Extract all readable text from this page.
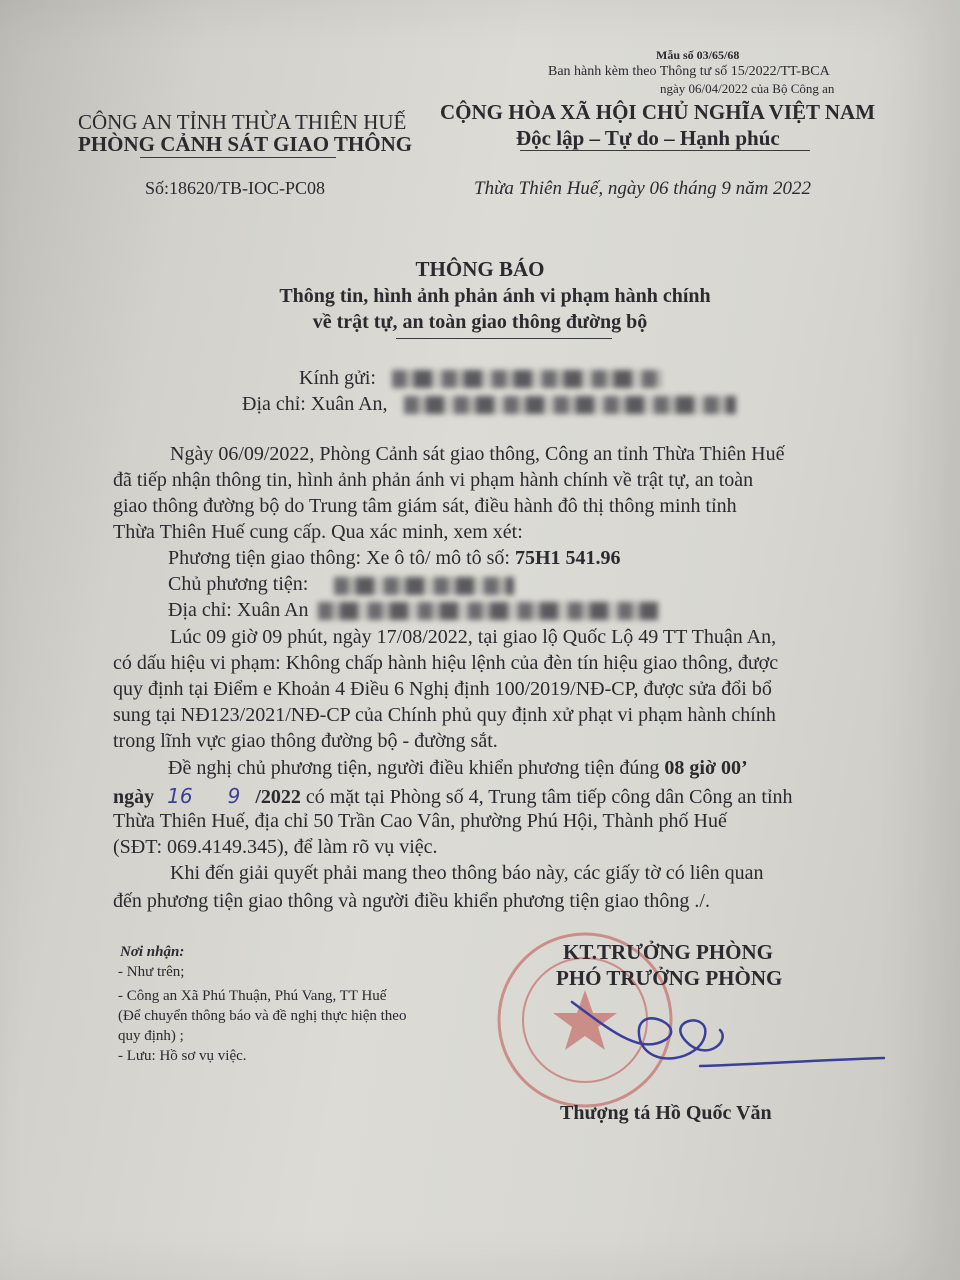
Mẫu số 03/65/68
Ban hành kèm theo Thông tư số 15/2022/TT-BCA
ngày 06/04/2022 của Bộ Công an
CÔNG AN TỈNH THỪA THIÊN HUẾ
PHÒNG CẢNH SÁT GIAO THÔNG
CỘNG HÒA XÃ HỘI CHỦ NGHĨA VIỆT NAM
Độc lập – Tự do – Hạnh phúc
Số:18620/TB-IOC-PC08	Thừa Thiên Huế, ngày 06 tháng 9 năm 2022
THÔNG BÁO
Thông tin, hình ảnh phản ánh vi phạm hành chính
về trật tự, an toàn giao thông đường bộ
Kính gửi:
Địa chỉ: Xuân An,
Ngày 06/09/2022, Phòng Cảnh sát giao thông, Công an tỉnh Thừa Thiên Huế
đã tiếp nhận thông tin, hình ảnh phản ánh vi phạm hành chính về trật tự, an toàn
giao thông đường bộ do Trung tâm giám sát, điều hành đô thị thông minh tỉnh
Thừa Thiên Huế cung cấp. Qua xác minh, xem xét:
Phương tiện giao thông: Xe ô tô/ mô tô số: 75H1 541.96
Chủ phương tiện:
Địa chỉ: Xuân An
Lúc 09 giờ 09 phút, ngày 17/08/2022, tại giao lộ Quốc Lộ 49 TT Thuận An,
có dấu hiệu vi phạm: Không chấp hành hiệu lệnh của đèn tín hiệu giao thông, được
quy định tại Điểm e Khoản 4 Điều 6 Nghị định 100/2019/NĐ-CP, được sửa đổi bổ
sung tại NĐ123/2021/NĐ-CP của Chính phủ quy định xử phạt vi phạm hành chính
trong lĩnh vực giao thông đường bộ - đường sắt.
Đề nghị chủ phương tiện, người điều khiển phương tiện đúng 08 giờ 00’
ngày 16 9 /2022 có mặt tại Phòng số 4, Trung tâm tiếp công dân Công an tỉnh
Thừa Thiên Huế, địa chỉ 50 Trần Cao Vân, phường Phú Hội, Thành phố Huế
(SĐT: 069.4149.345), để làm rõ vụ việc.
Khi đến giải quyết phải mang theo thông báo này, các giấy tờ có liên quan
đến phương tiện giao thông và người điều khiển phương tiện giao thông ./.
Nơi nhận:
- Như trên;
- Công an Xã Phú Thuận, Phú Vang, TT Huế
(Để chuyển thông báo và đề nghị thực hiện theo
quy định) ;
- Lưu: Hồ sơ vụ việc.
KT.TRƯỞNG PHÒNG
PHÓ TRƯỞNG PHÒNG
Thượng tá Hồ Quốc Văn
